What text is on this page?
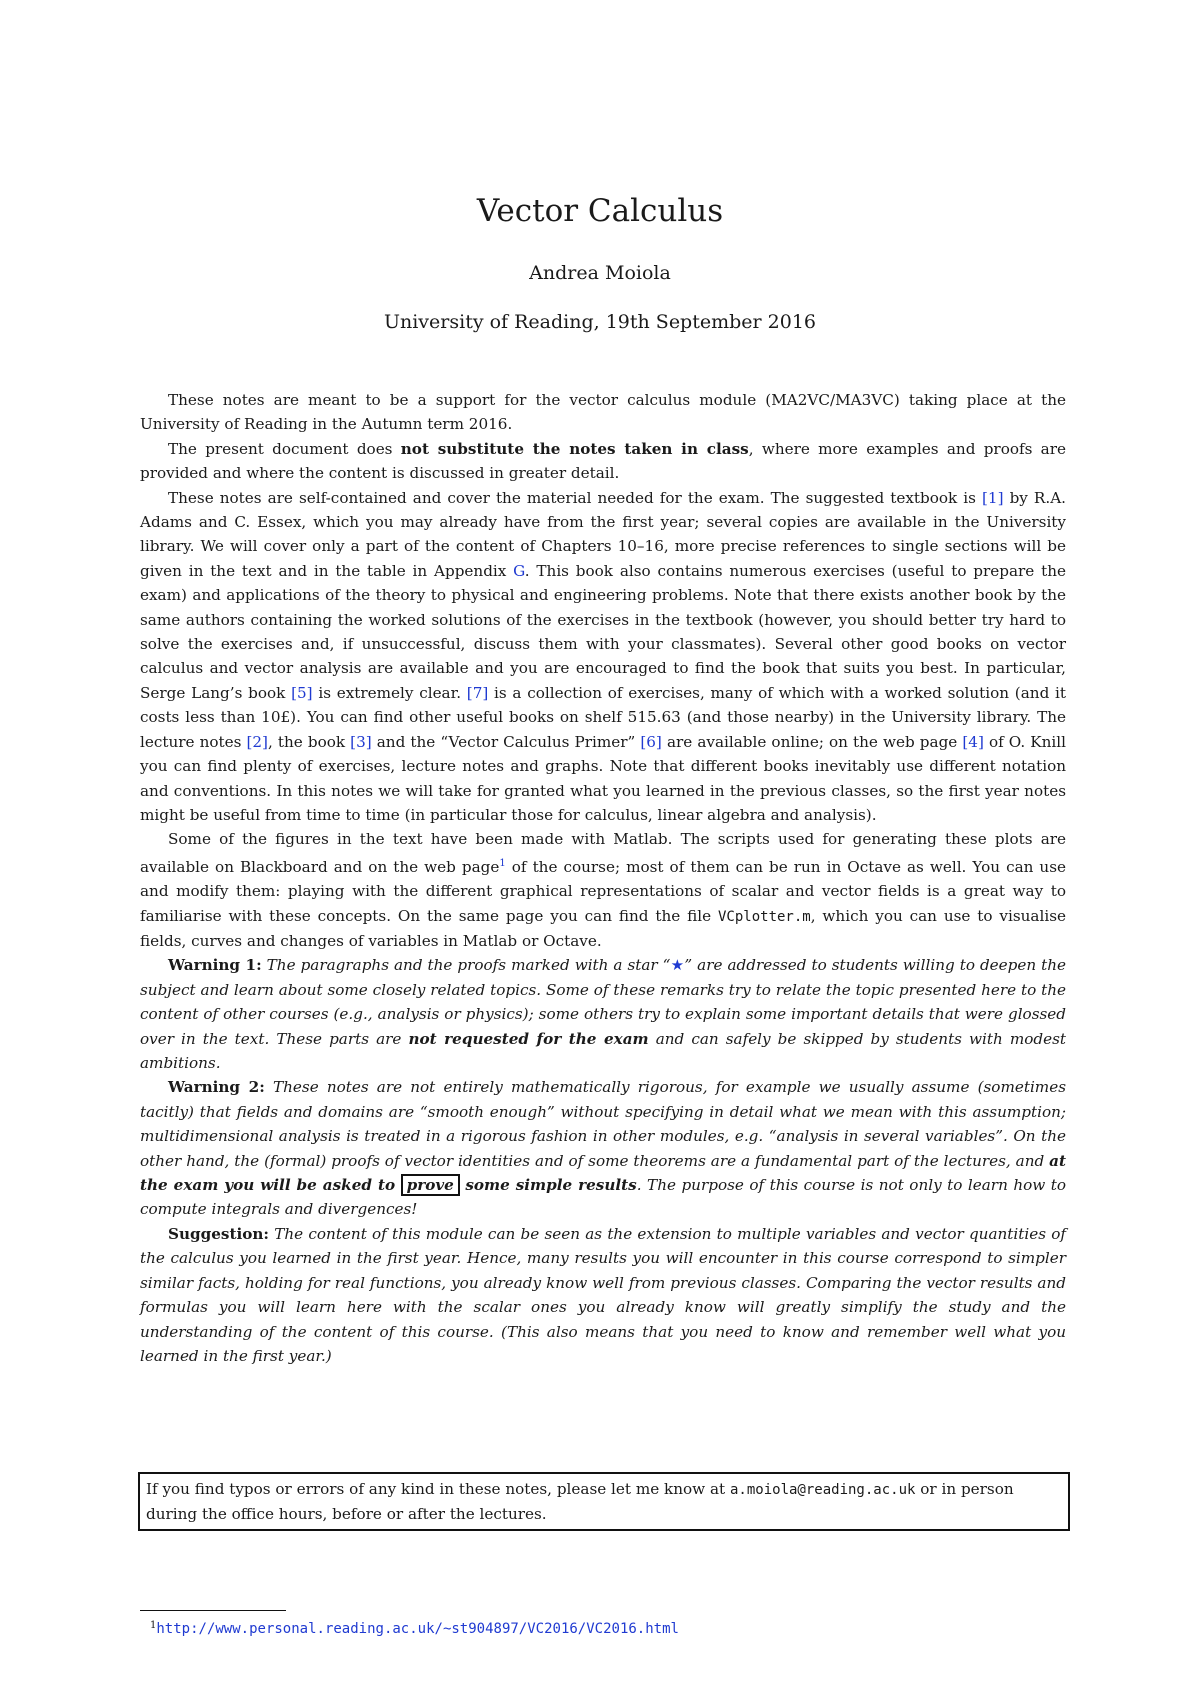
Vector Calculus
Andrea Moiola
University of Reading, 19th September 2016

These notes are meant to be a support for the vector calculus module (MA2VC/MA3VC) taking place at the University of Reading in the Autumn term 2016.

The present document does not substitute the notes taken in class, where more examples and proofs are provided and where the content is discussed in greater detail.

These notes are self-contained and cover the material needed for the exam. The suggested textbook is [1] by R.A. Adams and C. Essex, which you may already have from the first year; several copies are available in the University library. We will cover only a part of the content of Chapters 10–16, more precise references to single sections will be given in the text and in the table in Appendix G. This book also contains numerous exercises (useful to prepare the exam) and applications of the theory to physical and engineering problems. Note that there exists another book by the same authors containing the worked solutions of the exercises in the textbook (however, you should better try hard to solve the exercises and, if unsuccessful, discuss them with your classmates). Several other good books on vector calculus and vector analysis are available and you are encouraged to find the book that suits you best. In particular, Serge Lang’s book [5] is extremely clear. [7] is a collection of exercises, many of which with a worked solution (and it costs less than 10£). You can find other useful books on shelf 515.63 (and those nearby) in the University library. The lecture notes [2], the book [3] and the “Vector Calculus Primer” [6] are available online; on the web page [4] of O. Knill you can find plenty of exercises, lecture notes and graphs. Note that different books inevitably use different notation and conventions. In this notes we will take for granted what you learned in the previous classes, so the first year notes might be useful from time to time (in particular those for calculus, linear algebra and analysis).

Some of the figures in the text have been made with Matlab. The scripts used for generating these plots are available on Blackboard and on the web page$^1$ of the course; most of them can be run in Octave as well. You can use and modify them: playing with the different graphical representations of scalar and vector fields is a great way to familiarise with these concepts. On the same page you can find the file VCplotter.m, which you can use to visualise fields, curves and changes of variables in Matlab or Octave.

Warning 1: The paragraphs and the proofs marked with a star “★” are addressed to students willing to deepen the subject and learn about some closely related topics. Some of these remarks try to relate the topic presented here to the content of other courses (e.g., analysis or physics); some others try to explain some important details that were glossed over in the text. These parts are not requested for the exam and can safely be skipped by students with modest ambitions.

Warning 2: These notes are not entirely mathematically rigorous, for example we usually assume (sometimes tacitly) that fields and domains are “smooth enough” without specifying in detail what we mean with this assumption; multidimensional analysis is treated in a rigorous fashion in other modules, e.g. “analysis in several variables”. On the other hand, the (formal) proofs of vector identities and of some theorems are a fundamental part of the lectures, and at the exam you will be asked to prove some simple results. The purpose of this course is not only to learn how to compute integrals and divergences!

Suggestion: The content of this module can be seen as the extension to multiple variables and vector quantities of the calculus you learned in the first year. Hence, many results you will encounter in this course correspond to simpler similar facts, holding for real functions, you already know well from previous classes. Comparing the vector results and formulas you will learn here with the scalar ones you already know will greatly simplify the study and the understanding of the content of this course. (This also means that you need to know and remember well what you learned in the first year.)

If you find typos or errors of any kind in these notes, please let me know at a.moiola@reading.ac.uk or in person during the office hours, before or after the lectures.
$^1$http://www.personal.reading.ac.uk/~st904897/VC2016/VC2016.html
